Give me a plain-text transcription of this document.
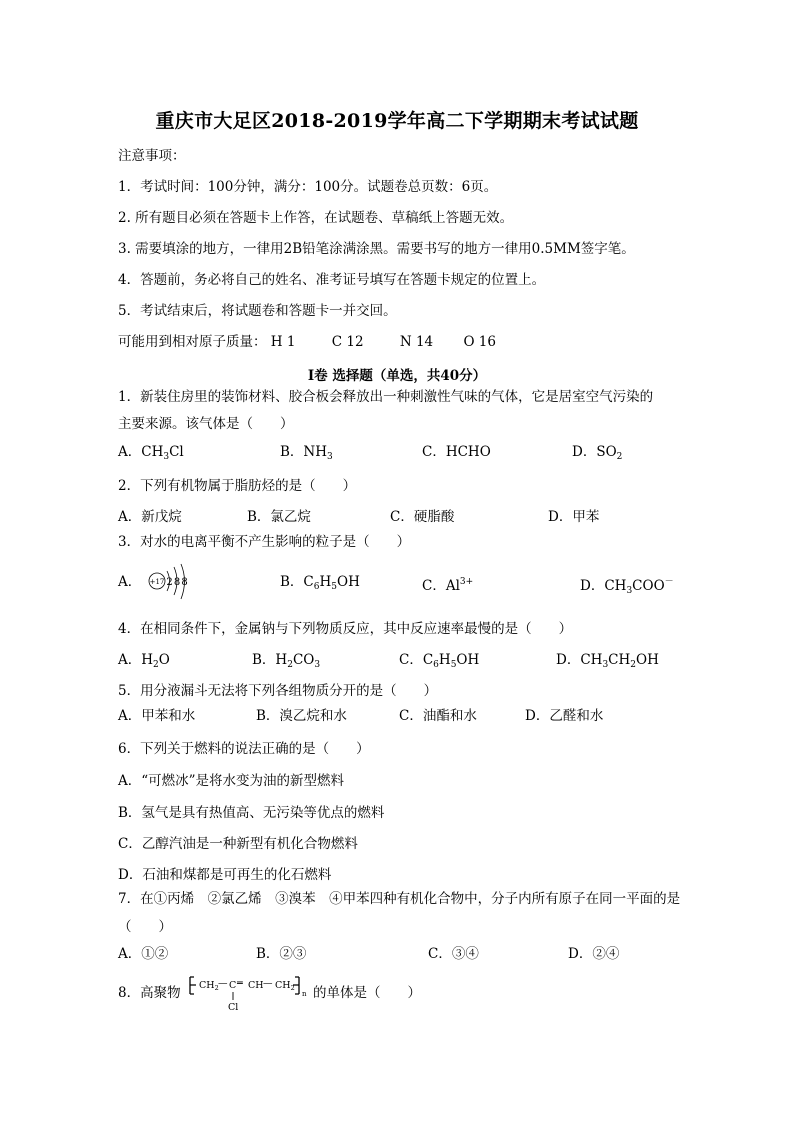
重庆市大足区2018-2019学年高二下学期期末考试试题
注意事项：
1．考试时间：100分钟，满分：100分。试题卷总页数：6页。
2. 所有题目必须在答题卡上作答，在试题卷、草稿纸上答题无效。
3. 需要填涂的地方，一律用2B铅笔涂满涂黑。需要书写的地方一律用0.5MM签字笔。
4．答题前，务必将自己的姓名、准考证号填写在答题卡规定的位置上。
5．考试结束后，将试题卷和答题卡一并交回。
可能用到相对原子质量： H 1	C 12	N 14 O 16
Ⅰ卷 选择题（单选，共40分）
1．新装住房里的装饰材料、胶合板会释放出一种刺激性气味的气体，它是居室空气污染的
主要来源。该气体是（　　）
A．$CH_3Cl$	B．$NH_3$	C．HCHO	D．$SO_2$
2．下列有机物属于脂肪烃的是（　　）
A．新戊烷	B．氯乙烷	C．硬脂酸	D．甲苯
3．对水的电离平衡不产生影响的粒子是（　　）
A． +17 2 8 8	B．$C_6H_5OH$	C．$Al^{3+}$	D．$CH_3COO^-$
4．在相同条件下，金属钠与下列物质反应，其中反应速率最慢的是（　　）
A．$H_2O$	B．$H_2CO_3$	C．$C_6H_5OH$	D．$CH_3CH_2OH$
5．用分液漏斗无法将下列各组物质分开的是（　　）
A．甲苯和水	B．溴乙烷和水	C．油酯和水	D．乙醛和水
6．下列关于燃料的说法正确的是（　　）
A．“可燃冰”是将水变为油的新型燃料
B．氢气是具有热值高、无污染等优点的燃料
C．乙醇汽油是一种新型有机化合物燃料
D．石油和煤都是可再生的化石燃料
7．在①丙烯　②氯乙烯　③溴苯　④甲苯四种有机化合物中，分子内所有原子在同一平面的是
（　　）
A．①②	B．②③	C．③④	D．②④
8．高聚物 $CH_2$ — C ═ CH — $CH_2$
n
Cl
的单体是（　　）
